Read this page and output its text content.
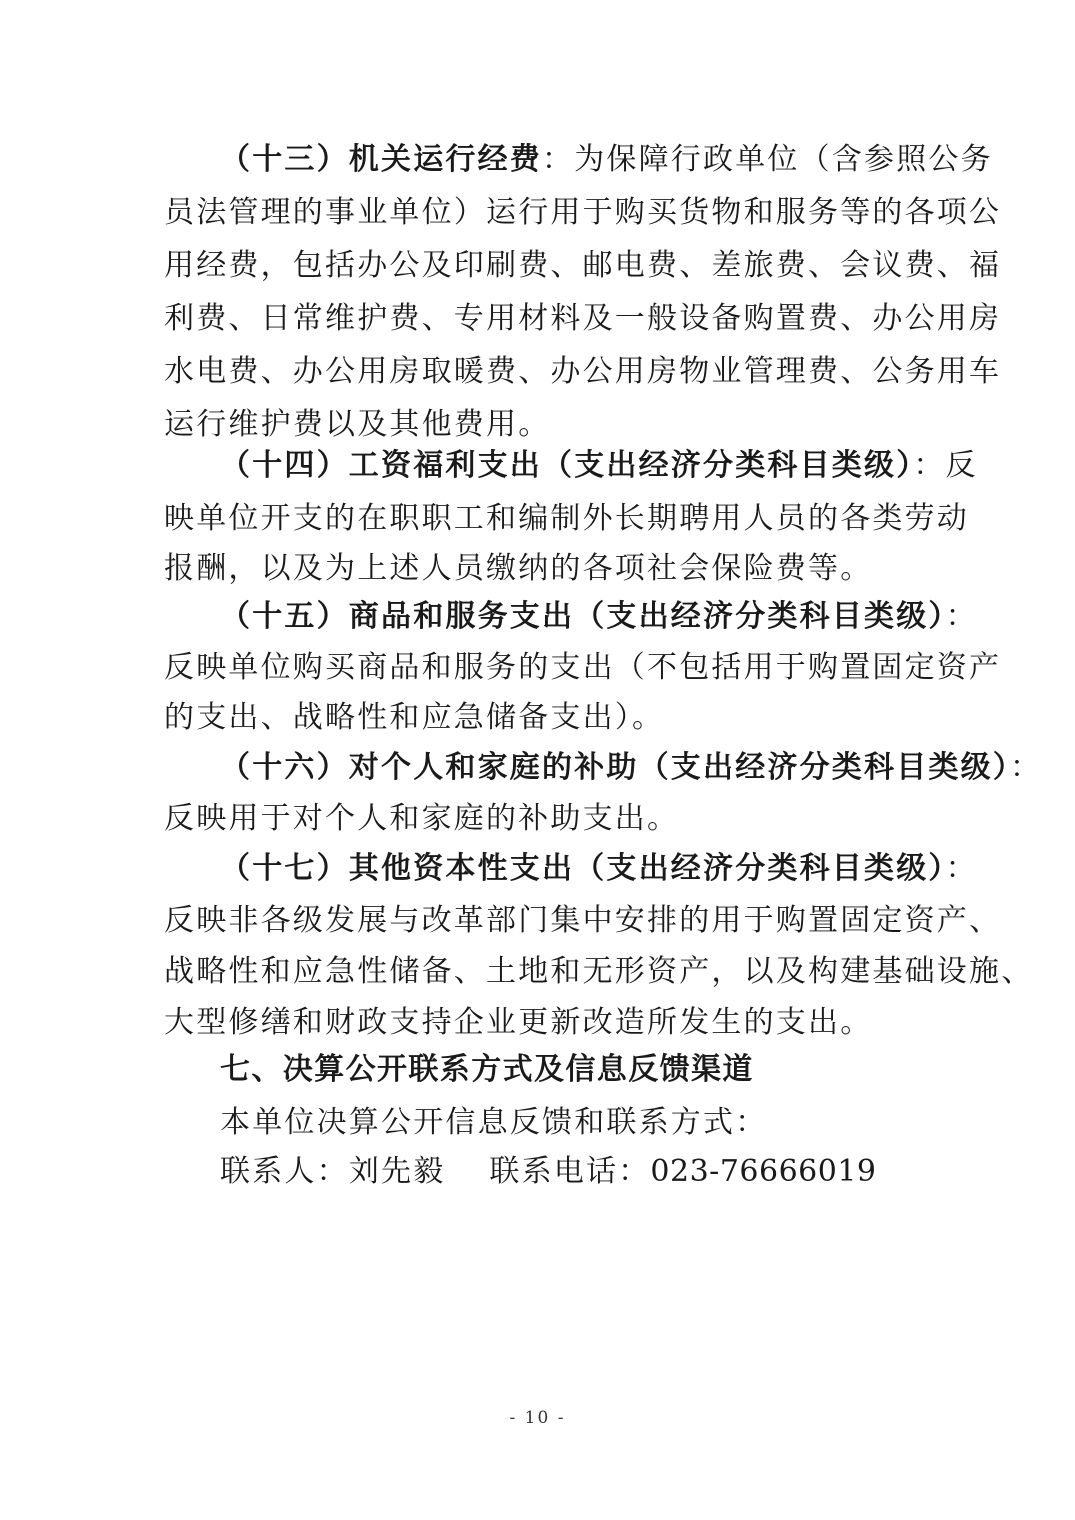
（十三）机关运行经费：为保障行政单位（含参照公务
员法管理的事业单位）运行用于购买货物和服务等的各项公
用经费，包括办公及印刷费、邮电费、差旅费、会议费、福
利费、日常维护费、专用材料及一般设备购置费、办公用房
水电费、办公用房取暖费、办公用房物业管理费、公务用车
运行维护费以及其他费用。
（十四）工资福利支出（支出经济分类科目类级）：反
映单位开支的在职职工和编制外长期聘用人员的各类劳动
报酬，以及为上述人员缴纳的各项社会保险费等。
（十五）商品和服务支出（支出经济分类科目类级）：
反映单位购买商品和服务的支出（不包括用于购置固定资产
的支出、战略性和应急储备支出）。
（十六）对个人和家庭的补助（支出经济分类科目类级）：
反映用于对个人和家庭的补助支出。
（十七）其他资本性支出（支出经济分类科目类级）：
反映非各级发展与改革部门集中安排的用于购置固定资产、
战略性和应急性储备、土地和无形资产，以及构建基础设施、
大型修缮和财政支持企业更新改造所发生的支出。
七、决算公开联系方式及信息反馈渠道
本单位决算公开信息反馈和联系方式：
联系人：刘先毅 联系电话：023-76666019
- 10 -
